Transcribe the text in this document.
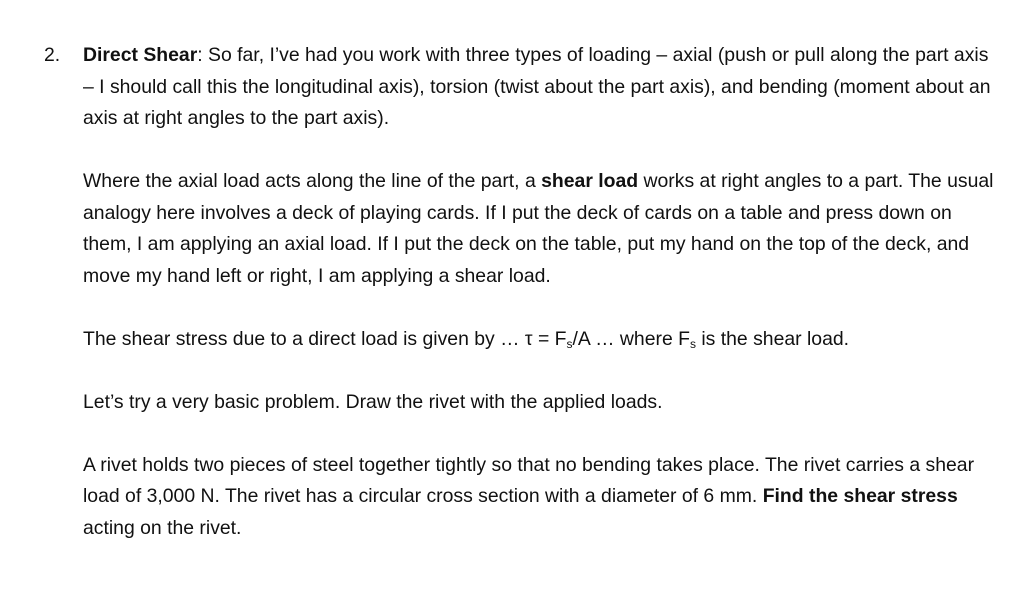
2.	Direct Shear: So far, I’ve had you work with three types of loading – axial (push or pull along the part axis – I should call this the longitudinal axis), torsion (twist about the part axis), and bending (moment about an axis at right angles to the part axis).

Where the axial load acts along the line of the part, a shear load works at right angles to a part. The usual analogy here involves a deck of playing cards. If I put the deck of cards on a table and press down on them, I am applying an axial load. If I put the deck on the table, put my hand on the top of the deck, and move my hand left or right, I am applying a shear load.

The shear stress due to a direct load is given by … $\tau = F_s/A$ … where $F_s$ is the shear load.

Let’s try a very basic problem. Draw the rivet with the applied loads.

A rivet holds two pieces of steel together tightly so that no bending takes place. The rivet carries a shear load of 3,000 N. The rivet has a circular cross section with a diameter of 6 mm. Find the shear stress acting on the rivet.
